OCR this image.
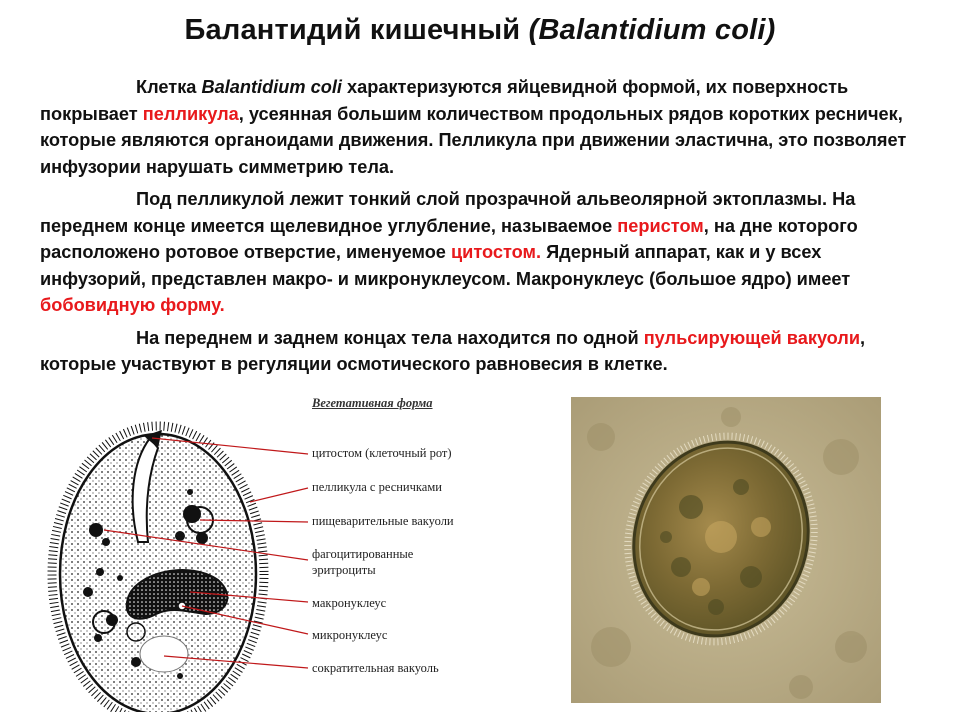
Балантидий кишечный (Balantidium coli)

Клетка Balantidium coli характеризуются яйцевидной формой, их поверхность покрывает пелликула, усеянная большим количеством продольных рядов коротких ресничек, которые являются органоидами движения. Пелликула при движении эластична, это позволяет инфузории нарушать симметрию тела.

Под пелликулой лежит тонкий слой прозрачной альвеолярной эктоплазмы. На переднем конце имеется щелевидное углубление, называемое перистом, на дне которого расположено ротовое отверстие, именуемое цитостом. Ядерный аппарат, как и у всех инфузорий, представлен макро- и микронуклеусом. Макронуклеус (большое ядро) имеет бобовидную форму.

На переднем и заднем концах тела находится по одной пульсирующей вакуоли, которые участвуют в регуляции осмотического равновесия в клетке.

Вегетативная форма
цитостом (клеточный рот)
пелликула с ресничками
пищеварительные вакуоли
фагоцитированные
эритроциты
макронуклеус
микронуклеус
сократительная вакуоль
